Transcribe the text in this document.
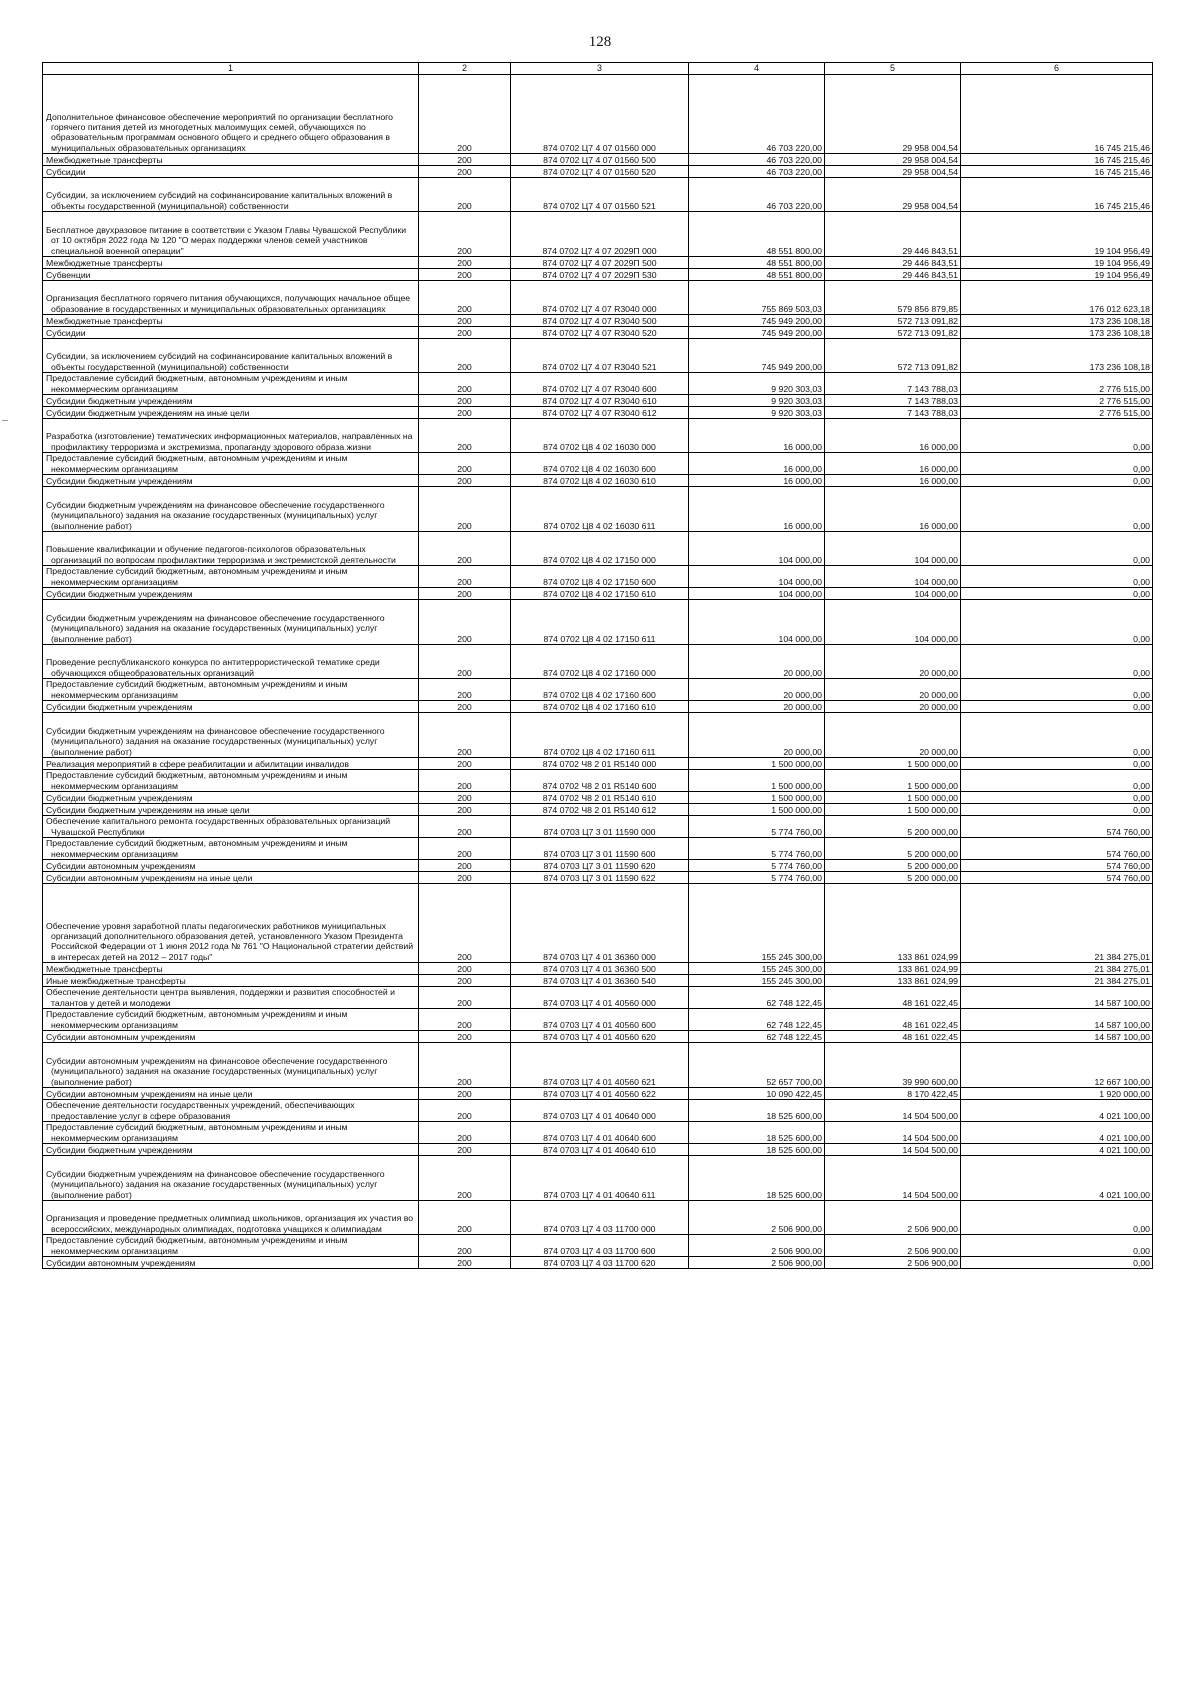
128
1	2	3	4	5	6
Дополнительное финансовое обеспечение мероприятий по организации бесплатного горячего питания детей из многодетных малоимущих семей, обучающихся по образовательным программам основного общего и среднего общего образования в муниципальных образовательных организациях	200	874 0702 Ц7 4 07 01560 000	46 703 220,00	29 958 004,54	16 745 215,46
Межбюджетные трансферты	200	874 0702 Ц7 4 07 01560 500	46 703 220,00	29 958 004,54	16 745 215,46
Субсидии	200	874 0702 Ц7 4 07 01560 520	46 703 220,00	29 958 004,54	16 745 215,46
Субсидии, за исключением субсидий на софинансирование капитальных вложений в объекты государственной (муниципальной) собственности	200	874 0702 Ц7 4 07 01560 521	46 703 220,00	29 958 004,54	16 745 215,46
Бесплатное двухразовое питание в соответствии с Указом Главы Чувашской Республики от 10 октября 2022 года № 120 "О мерах поддержки членов семей участников специальной военной операции"	200	874 0702 Ц7 4 07 2029П 000	48 551 800,00	29 446 843,51	19 104 956,49
Межбюджетные трансферты	200	874 0702 Ц7 4 07 2029П 500	48 551 800,00	29 446 843,51	19 104 956,49
Субвенции	200	874 0702 Ц7 4 07 2029П 530	48 551 800,00	29 446 843,51	19 104 956,49
Организация бесплатного горячего питания обучающихся, получающих начальное общее образование в государственных и муниципальных образовательных организациях	200	874 0702 Ц7 4 07 R3040 000	755 869 503,03	579 856 879,85	176 012 623,18
Межбюджетные трансферты	200	874 0702 Ц7 4 07 R3040 500	745 949 200,00	572 713 091,82	173 236 108,18
Субсидии	200	874 0702 Ц7 4 07 R3040 520	745 949 200,00	572 713 091,82	173 236 108,18
Субсидии, за исключением субсидий на софинансирование капитальных вложений в объекты государственной (муниципальной) собственности	200	874 0702 Ц7 4 07 R3040 521	745 949 200,00	572 713 091,82	173 236 108,18
Предоставление субсидий бюджетным, автономным учреждениям и иным некоммерческим организациям	200	874 0702 Ц7 4 07 R3040 600	9 920 303,03	7 143 788,03	2 776 515,00
Субсидии бюджетным учреждениям	200	874 0702 Ц7 4 07 R3040 610	9 920 303,03	7 143 788,03	2 776 515,00
Субсидии бюджетным учреждениям на иные цели	200	874 0702 Ц7 4 07 R3040 612	9 920 303,03	7 143 788,03	2 776 515,00
Разработка (изготовление) тематических информационных материалов, направленных на профилактику терроризма и экстремизма, пропаганду здорового образа жизни	200	874 0702 Ц8 4 02 16030 000	16 000,00	16 000,00	0,00
Предоставление субсидий бюджетным, автономным учреждениям и иным некоммерческим организациям	200	874 0702 Ц8 4 02 16030 600	16 000,00	16 000,00	0,00
Субсидии бюджетным учреждениям	200	874 0702 Ц8 4 02 16030 610	16 000,00	16 000,00	0,00
Субсидии бюджетным учреждениям на финансовое обеспечение государственного (муниципального) задания на оказание государственных (муниципальных) услуг (выполнение работ)	200	874 0702 Ц8 4 02 16030 611	16 000,00	16 000,00	0,00
Повышение квалификации и обучение педагогов-психологов образовательных организаций по вопросам профилактики терроризма и экстремистской деятельности	200	874 0702 Ц8 4 02 17150 000	104 000,00	104 000,00	0,00
Предоставление субсидий бюджетным, автономным учреждениям и иным некоммерческим организациям	200	874 0702 Ц8 4 02 17150 600	104 000,00	104 000,00	0,00
Субсидии бюджетным учреждениям	200	874 0702 Ц8 4 02 17150 610	104 000,00	104 000,00	0,00
Субсидии бюджетным учреждениям на финансовое обеспечение государственного (муниципального) задания на оказание государственных (муниципальных) услуг (выполнение работ)	200	874 0702 Ц8 4 02 17150 611	104 000,00	104 000,00	0,00
Проведение республиканского конкурса по антитеррористической тематике среди обучающихся общеобразовательных организаций	200	874 0702 Ц8 4 02 17160 000	20 000,00	20 000,00	0,00
Предоставление субсидий бюджетным, автономным учреждениям и иным некоммерческим организациям	200	874 0702 Ц8 4 02 17160 600	20 000,00	20 000,00	0,00
Субсидии бюджетным учреждениям	200	874 0702 Ц8 4 02 17160 610	20 000,00	20 000,00	0,00
Субсидии бюджетным учреждениям на финансовое обеспечение государственного (муниципального) задания на оказание государственных (муниципальных) услуг (выполнение работ)	200	874 0702 Ц8 4 02 17160 611	20 000,00	20 000,00	0,00
Реализация мероприятий в сфере реабилитации и абилитации инвалидов	200	874 0702 Ч8 2 01 R5140 000	1 500 000,00	1 500 000,00	0,00
Предоставление субсидий бюджетным, автономным учреждениям и иным некоммерческим организациям	200	874 0702 Ч8 2 01 R5140 600	1 500 000,00	1 500 000,00	0,00
Субсидии бюджетным учреждениям	200	874 0702 Ч8 2 01 R5140 610	1 500 000,00	1 500 000,00	0,00
Субсидии бюджетным учреждениям на иные цели	200	874 0702 Ч8 2 01 R5140 612	1 500 000,00	1 500 000,00	0,00
Обеспечение капитального ремонта государственных образовательных организаций Чувашской Республики	200	874 0703 Ц7 3 01 11590 000	5 774 760,00	5 200 000,00	574 760,00
Предоставление субсидий бюджетным, автономным учреждениям и иным некоммерческим организациям	200	874 0703 Ц7 3 01 11590 600	5 774 760,00	5 200 000,00	574 760,00
Субсидии автономным учреждениям	200	874 0703 Ц7 3 01 11590 620	5 774 760,00	5 200 000,00	574 760,00
Субсидии автономным учреждениям на иные цели	200	874 0703 Ц7 3 01 11590 622	5 774 760,00	5 200 000,00	574 760,00
Обеспечение уровня заработной платы педагогических работников муниципальных организаций дополнительного образования детей, установленного Указом Президента Российской Федерации от 1 июня 2012 года № 761 "О Национальной стратегии действий в интересах детей на 2012 – 2017 годы"	200	874 0703 Ц7 4 01 36360 000	155 245 300,00	133 861 024,99	21 384 275,01
Межбюджетные трансферты	200	874 0703 Ц7 4 01 36360 500	155 245 300,00	133 861 024,99	21 384 275,01
Иные межбюджетные трансферты	200	874 0703 Ц7 4 01 36360 540	155 245 300,00	133 861 024,99	21 384 275,01
Обеспечение деятельности центра выявления, поддержки и развития способностей и талантов у детей и молодежи	200	874 0703 Ц7 4 01 40560 000	62 748 122,45	48 161 022,45	14 587 100,00
Предоставление субсидий бюджетным, автономным учреждениям и иным некоммерческим организациям	200	874 0703 Ц7 4 01 40560 600	62 748 122,45	48 161 022,45	14 587 100,00
Субсидии автономным учреждениям	200	874 0703 Ц7 4 01 40560 620	62 748 122,45	48 161 022,45	14 587 100,00
Субсидии автономным учреждениям на финансовое обеспечение государственного (муниципального) задания на оказание государственных (муниципальных) услуг (выполнение работ)	200	874 0703 Ц7 4 01 40560 621	52 657 700,00	39 990 600,00	12 667 100,00
Субсидии автономным учреждениям на иные цели	200	874 0703 Ц7 4 01 40560 622	10 090 422,45	8 170 422,45	1 920 000,00
Обеспечение деятельности государственных учреждений, обеспечивающих предоставление услуг в сфере образования	200	874 0703 Ц7 4 01 40640 000	18 525 600,00	14 504 500,00	4 021 100,00
Предоставление субсидий бюджетным, автономным учреждениям и иным некоммерческим организациям	200	874 0703 Ц7 4 01 40640 600	18 525 600,00	14 504 500,00	4 021 100,00
Субсидии бюджетным учреждениям	200	874 0703 Ц7 4 01 40640 610	18 525 600,00	14 504 500,00	4 021 100,00
Субсидии бюджетным учреждениям на финансовое обеспечение государственного (муниципального) задания на оказание государственных (муниципальных) услуг (выполнение работ)	200	874 0703 Ц7 4 01 40640 611	18 525 600,00	14 504 500,00	4 021 100,00
Организация и проведение предметных олимпиад школьников, организация их участия во всероссийских, международных олимпиадах, подготовка учащихся к олимпиадам	200	874 0703 Ц7 4 03 11700 000	2 506 900,00	2 506 900,00	0,00
Предоставление субсидий бюджетным, автономным учреждениям и иным некоммерческим организациям	200	874 0703 Ц7 4 03 11700 600	2 506 900,00	2 506 900,00	0,00
Субсидии автономным учреждениям	200	874 0703 Ц7 4 03 11700 620	2 506 900,00	2 506 900,00	0,00
